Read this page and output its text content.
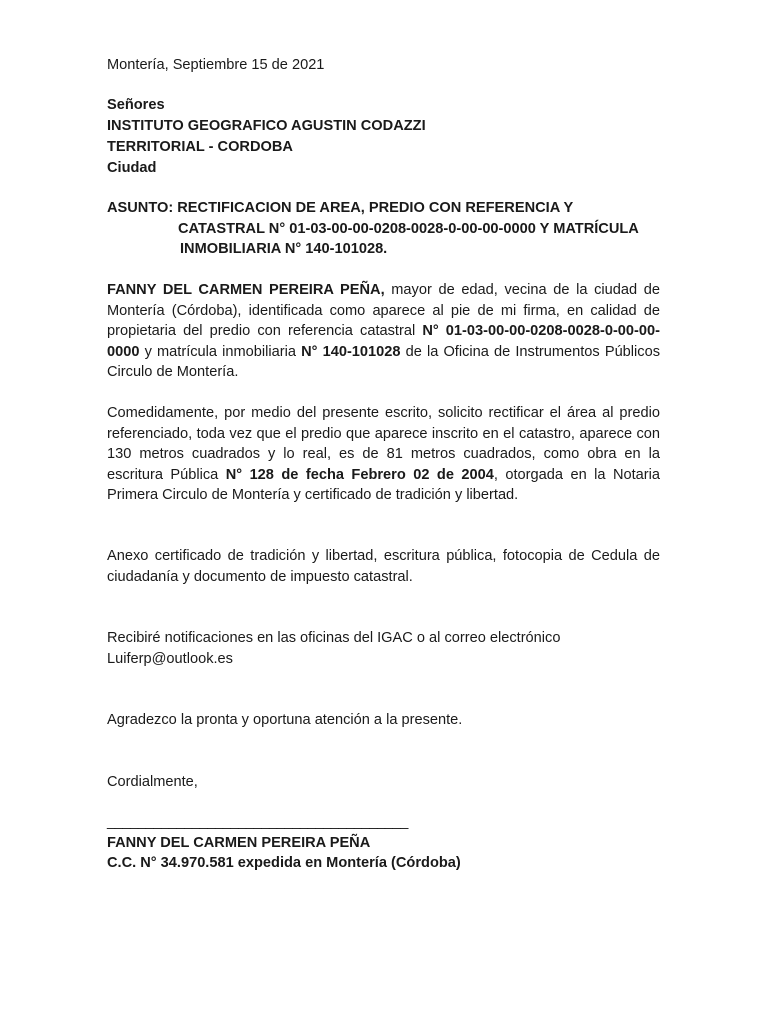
Montería, Septiembre 15 de 2021
Señores
INSTITUTO GEOGRAFICO AGUSTIN CODAZZI
TERRITORIAL - CORDOBA
Ciudad
ASUNTO: RECTIFICACION DE AREA, PREDIO CON REFERENCIA Y
CATASTRAL N° 01-03-00-00-0208-0028-0-00-00-0000 Y MATRÍCULA
INMOBILIARIA N° 140-101028.
FANNY DEL CARMEN PEREIRA PEÑA, mayor de edad, vecina de la ciudad de Montería (Córdoba), identificada como aparece al pie de mi firma, en calidad de propietaria del predio con referencia catastral N° 01-03-00-00-0208-0028-0-00-00-0000 y matrícula inmobiliaria N° 140-101028 de la Oficina de Instrumentos Públicos Circulo de Montería.
Comedidamente, por medio del presente escrito, solicito rectificar el área al predio referenciado, toda vez que el predio que aparece inscrito en el catastro, aparece con 130 metros cuadrados y lo real, es de 81 metros cuadrados, como obra en la escritura Pública N° 128 de fecha Febrero 02 de 2004, otorgada en la Notaria Primera Circulo de Montería y certificado de tradición y libertad.
Anexo certificado de tradición y libertad, escritura pública, fotocopia de Cedula de ciudadanía y documento de impuesto catastral.
Recibiré notificaciones en las oficinas del IGAC o al correo electrónico
Luiferp@outlook.es
Agradezco la pronta y oportuna atención a la presente.
Cordialmente,
_______________________________________
FANNY DEL CARMEN PEREIRA PEÑA
C.C. N° 34.970.581 expedida en Montería (Córdoba)
